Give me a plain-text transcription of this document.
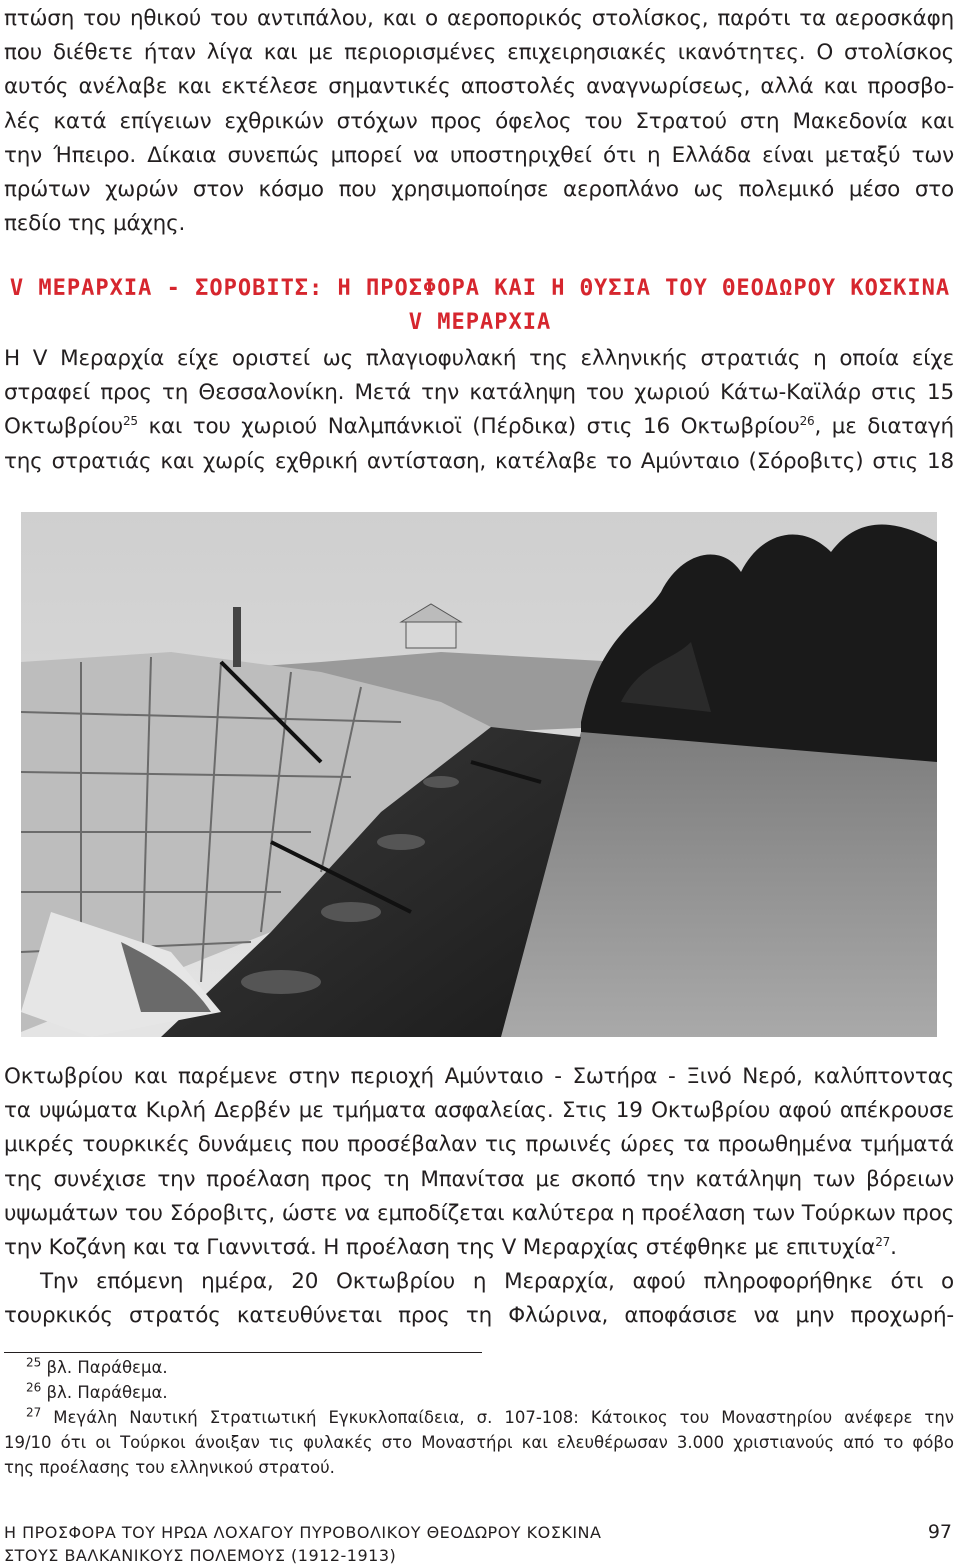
πτώση του ηθικού του αντιπάλου, και ο αεροπορικός στολίσκος, παρότι τα αεροσκάφη
που διέθετε ήταν λίγα και με περιορισμένες επιχειρησιακές ικανότητες. Ο στολίσκος
αυτός ανέλαβε και εκτέλεσε σημαντικές αποστολές αναγνωρίσεως, αλλά και προσβο-
λές κατά επίγειων εχθρικών στόχων προς όφελος του Στρατού στη Μακεδονία και
την Ήπειρο. Δίκαια συνεπώς μπορεί να υποστηριχθεί ότι η Ελλάδα είναι μεταξύ των
πρώτων χωρών στον κόσμο που χρησιμοποίησε αεροπλάνο ως πολεμικό μέσο στο
πεδίο της μάχης.
V ΜΕΡΑΡΧΙΑ - ΣΟΡΟΒΙΤΣ: Η ΠΡΟΣΦΟΡΑ ΚΑΙ Η ΘΥΣΙΑ ΤΟΥ ΘΕΟΔΩΡΟΥ ΚΟΣΚΙΝΑ
V ΜΕΡΑΡΧΙΑ
Η V Μεραρχία είχε οριστεί ως πλαγιοφυλακή της ελληνικής στρατιάς η οποία είχε
στραφεί προς τη Θεσσαλονίκη. Μετά την κατάληψη του χωριού Κάτω-Καϊλάρ στις 15
Οκτωβρίου$^{25}$ και του χωριού Ναλμπάνκιοϊ (Πέρδικα) στις 16 Οκτωβρίου$^{26}$, με διαταγή
της στρατιάς και χωρίς εχθρική αντίσταση, κατέλαβε το Αμύνταιο (Σόροβιτς) στις 18
Οκτωβρίου και παρέμενε στην περιοχή Αμύνταιο - Σωτήρα - Ξινό Νερό, καλύπτοντας
τα υψώματα Κιρλή Δερβέν με τμήματα ασφαλείας. Στις 19 Οκτωβρίου αφού απέκρουσε
μικρές τουρκικές δυνάμεις που προσέβαλαν τις πρωινές ώρες τα προωθημένα τμήματά
της συνέχισε την προέλαση προς τη Μπανίτσα με σκοπό την κατάληψη των βόρειων
υψωμάτων του Σόροβιτς, ώστε να εμποδίζεται καλύτερα η προέλαση των Τούρκων προς
την Κοζάνη και τα Γιαννιτσά. Η προέλαση της V Μεραρχίας στέφθηκε με επιτυχία$^{27}$.
Την επόμενη ημέρα, 20 Οκτωβρίου η Μεραρχία, αφού πληροφορήθηκε ότι ο
τουρκικός στρατός κατευθύνεται προς τη Φλώρινα, αποφάσισε να μην προχωρή-
$^{25}$ βλ. Παράθεμα.
$^{26}$ βλ. Παράθεμα.
$^{27}$ Μεγάλη Ναυτική Στρατιωτική Εγκυκλοπαίδεια, σ. 107-108: Κάτοικος του Μοναστηρίου ανέφερε την
19/10 ότι οι Τούρκοι άνοιξαν τις φυλακές στο Μοναστήρι και ελευθέρωσαν 3.000 χριστιανούς από το φόβο
της προέλασης του ελληνικού στρατού.
Η ΠΡΟΣΦΟΡΑ ΤΟΥ ΗΡΩΑ ΛΟΧΑΓΟΥ ΠΥΡΟΒΟΛΙΚΟΥ ΘΕΟΔΩΡΟΥ ΚΟΣΚΙΝΑ
ΣΤΟΥΣ ΒΑΛΚΑΝΙΚΟΥΣ ΠΟΛΕΜΟΥΣ (1912-1913)
97
